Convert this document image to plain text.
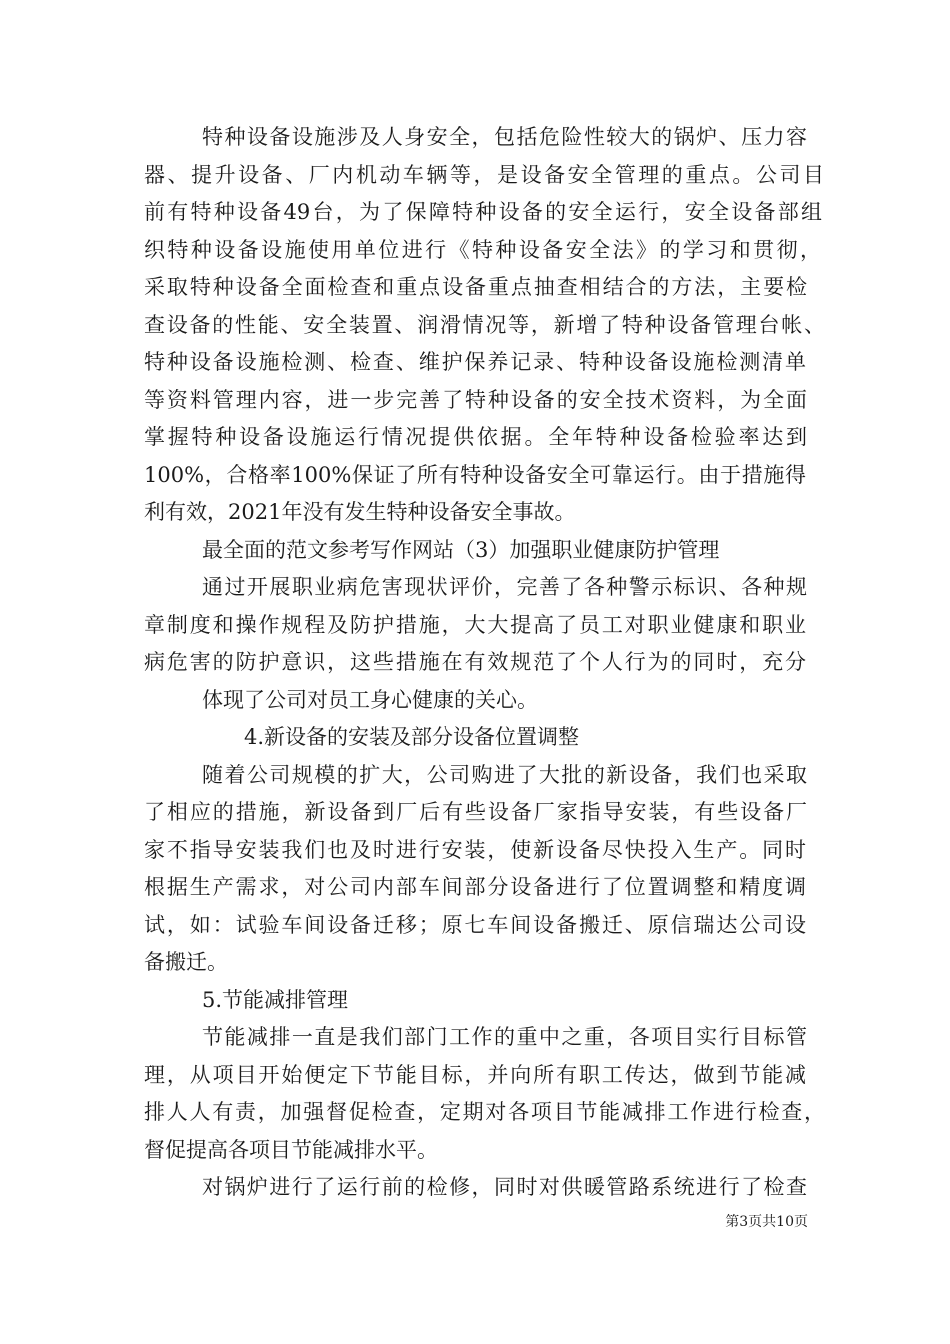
特种设备设施涉及人身安全，包括危险性较大的锅炉、压力容
器、提升设备、厂内机动车辆等，是设备安全管理的重点。公司目
前有特种设备49台，为了保障特种设备的安全运行，安全设备部组
织特种设备设施使用单位进行《特种设备安全法》的学习和贯彻，
采取特种设备全面检查和重点设备重点抽查相结合的方法，主要检
查设备的性能、安全装置、润滑情况等，新增了特种设备管理台帐、
特种设备设施检测、检查、维护保养记录、特种设备设施检测清单
等资料管理内容，进一步完善了特种设备的安全技术资料，为全面
掌握特种设备设施运行情况提供依据。全年特种设备检验率达到
100%，合格率100%保证了所有特种设备安全可靠运行。由于措施得
利有效，2021年没有发生特种设备安全事故。
最全面的范文参考写作网站（3）加强职业健康防护管理
通过开展职业病危害现状评价，完善了各种警示标识、各种规
章制度和操作规程及防护措施，大大提高了员工对职业健康和职业
病危害的防护意识，这些措施在有效规范了个人行为的同时，充分
体现了公司对员工身心健康的关心。
4.新设备的安装及部分设备位置调整
随着公司规模的扩大，公司购进了大批的新设备，我们也采取
了相应的措施，新设备到厂后有些设备厂家指导安装，有些设备厂
家不指导安装我们也及时进行安装，使新设备尽快投入生产。同时
根据生产需求，对公司内部车间部分设备进行了位置调整和精度调
试，如：试验车间设备迁移；原七车间设备搬迁、原信瑞达公司设
备搬迁。
5.节能减排管理
节能减排一直是我们部门工作的重中之重，各项目实行目标管
理，从项目开始便定下节能目标，并向所有职工传达，做到节能减
排人人有责，加强督促检查，定期对各项目节能减排工作进行检查，
督促提高各项目节能减排水平。
对锅炉进行了运行前的检修，同时对供暖管路系统进行了检查
第3页共10页
